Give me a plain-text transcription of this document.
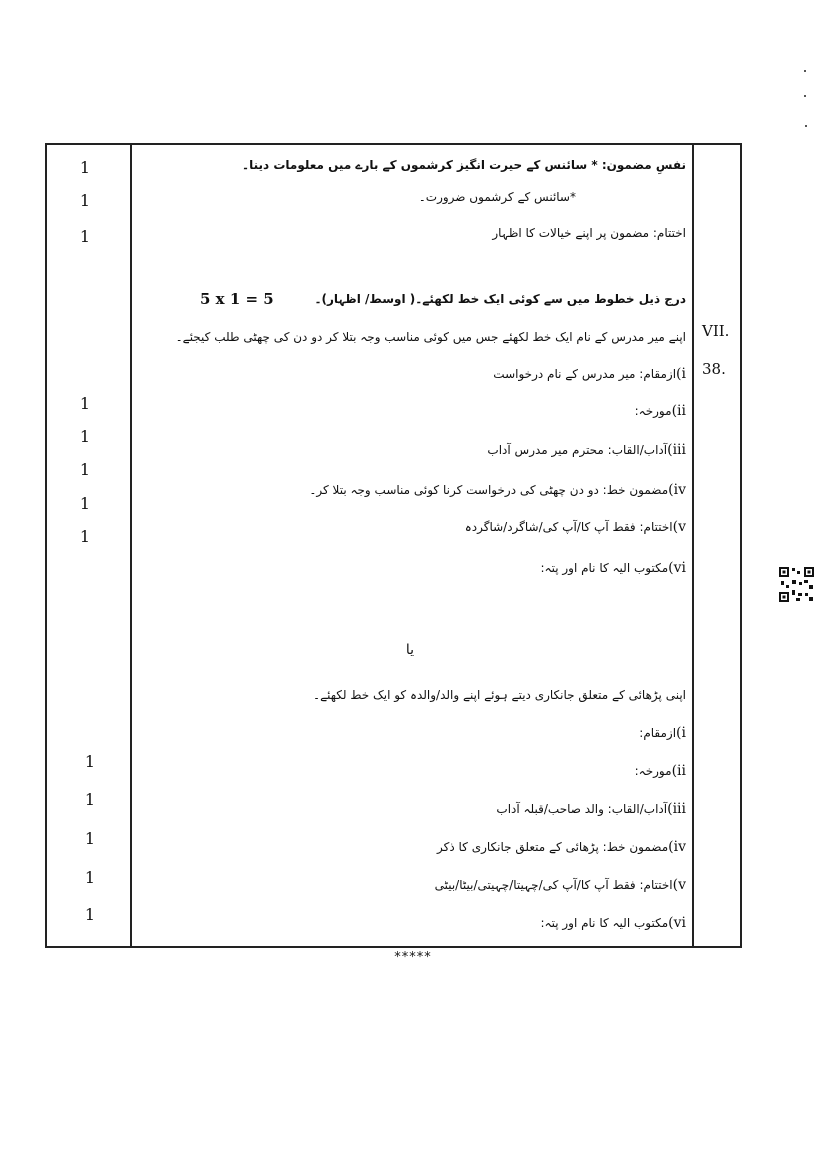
1
1
1
نفسِ مضمون: * سائنس کے حیرت انگیز کرشموں کے بارے میں معلومات دینا۔
*سائنس کے کرشموں ضرورت۔
اختتام: مضمون پر اپنے خیالات کا اظہار
5 x 1 = 5	درج ذیل خطوط میں سے کوئی ایک خط لکھئے۔( اوسط/ اظہار)۔
VII.
اپنے میر مدرس کے نام ایک خط لکھئے جس میں کوئی مناسب وجہ بتلا کر دو دن کی چھٹی طلب کیجئے۔
38.
i)ازمقام: میر مدرس کے نام درخواست
ii)مورخہ:
iii)آداب/القاب: محترم میر مدرس آداب
iv)مضمون خط: دو دن چھٹی کی درخواست کرنا کوئی مناسب وجہ بتلا کر۔
v)اختتام: فقط آپ کا/آپ کی/شاگرد/شاگردہ
vi)مکتوب الیہ کا نام اور پتہ:
1
1
1
1
1
یا
اپنی پڑھائی کے متعلق جانکاری دیتے ہوئے اپنے والد/والدہ کو ایک خط لکھئے۔
i)ازمقام:
ii)مورخہ:
iii)آداب/القاب: والد صاحب/قبلہ آداب
iv)مضمون خط: پڑھائی کے متعلق جانکاری کا ذکر
v)اختتام: فقط آپ کا/آپ کی/چہیتا/چہیتی/بیٹا/بیٹی
vi)مکتوب الیہ کا نام اور پتہ:
1
1
1
1
1
*****
